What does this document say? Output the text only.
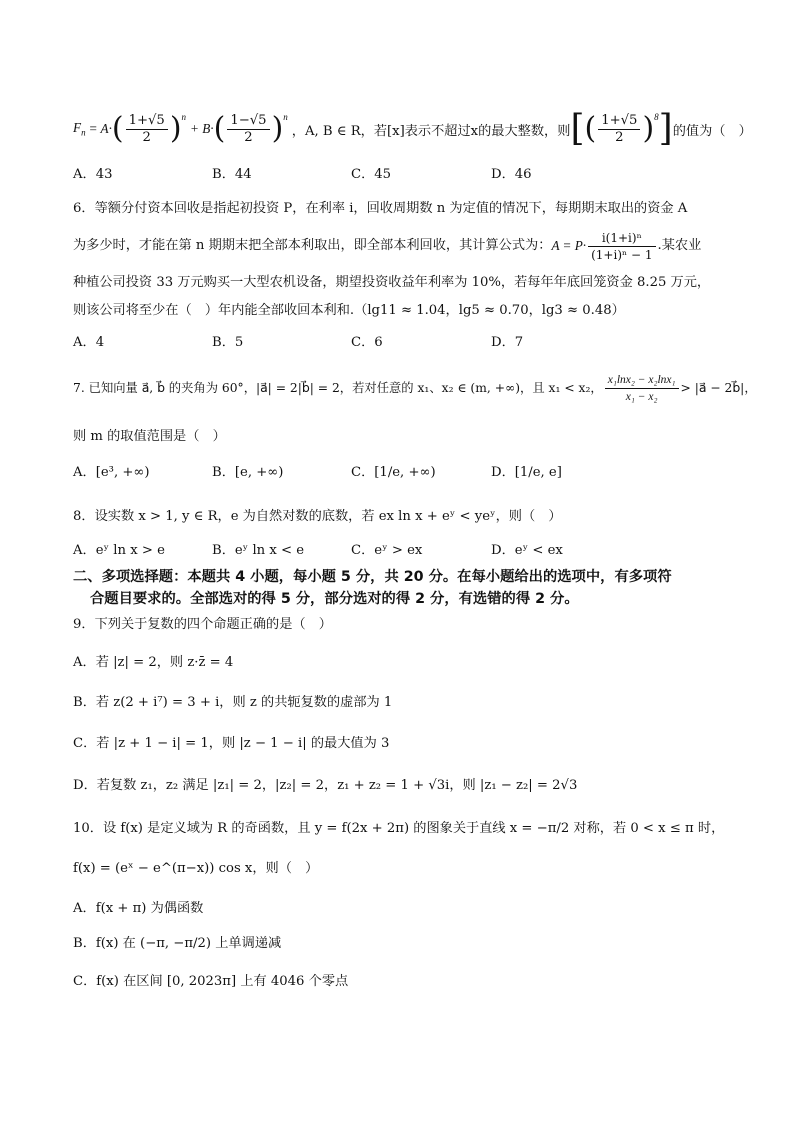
$F_n = A\cdot$ ( $\frac{1+√5}{2} )^n$
+ B· ( $\frac{1-√5}{2} )^n$
，A, B ∈ R，若[x]表示不超过x的最大整数，则 [ ( $\frac{1+√5}{2} )^8$ ] 的值为（　）
A．43	B．44	C．45	D．46
6．等额分付资本回收是指起初投资 P，在利率 i，回收周期数 n 为定值的情况下，每期期末取出的资金 A
为多少时，才能在第 n 期期末把全部本利取出，即全部本利回收，其计算公式为： $A = P\cdot \frac{\text{i(1+i)ⁿ}}{\text{(1+i)ⁿ − 1}}$ .某农业
种植公司投资 33 万元购买一大型农机设备，期望投资收益年利率为 10%，若每年年底回笼资金 8.25 万元，
则该公司将至少在（　）年内能全部收回本利和.（lg11 ≈ 1.04，lg5 ≈ 0.70，lg3 ≈ 0.48）
A．4	B．5	C．6	D．7
7. 已知向量 a⃗, b⃗ 的夹角为 60°，|a⃗| = 2|b⃗| = 2，若对任意的 x₁、x₂ ∈ (m, +∞)，且 x₁ < x₂， $\frac{\text{x₁lnx₂ − x₂lnx₁}}{\text{x₁ − x₂}}$ > |a⃗ − 2b⃗|，
则 m 的取值范围是（　）
A．[e³, +∞)	B．[e, +∞)	C．[1/e, +∞)	D．[1/e, e]
8．设实数 x > 1, y ∈ R，e 为自然对数的底数，若 ex ln x + eʸ < yeʸ，则（　）
A．eʸ ln x > e	B．eʸ ln x < e	C．eʸ > ex	D．eʸ < ex
二、多项选择题：本题共 4 小题，每小题 5 分，共 20 分。在每小题给出的选项中，有多项符
合题目要求的。全部选对的得 5 分，部分选对的得 2 分，有选错的得 2 分。
9．下列关于复数的四个命题正确的是（　）
A．若 |z| = 2，则 z·z̄ = 4
B．若 z(2 + i⁷) = 3 + i，则 z 的共轭复数的虚部为 1
C．若 |z + 1 − i| = 1，则 |z − 1 − i| 的最大值为 3
D．若复数 z₁，z₂ 满足 |z₁| = 2，|z₂| = 2，z₁ + z₂ = 1 + √3i，则 |z₁ − z₂| = 2√3
10．设 f(x) 是定义域为 R 的奇函数，且 y = f(2x + 2π) 的图象关于直线 x = −π/2 对称，若 0 < x ≤ π 时，
f(x) = (eˣ − e^(π−x)) cos x，则（　）
A．f(x + π) 为偶函数
B．f(x) 在 (−π, −π/2) 上单调递减
C．f(x) 在区间 [0, 2023π] 上有 4046 个零点
